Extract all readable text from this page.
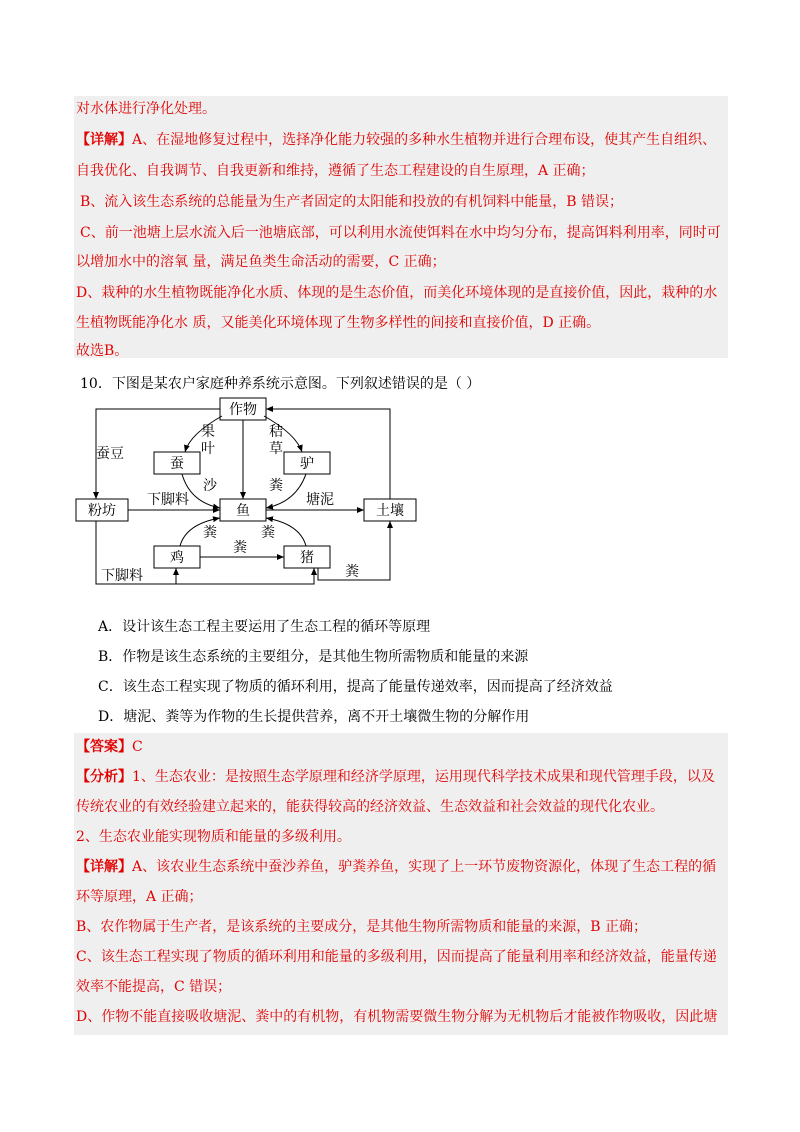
对水体进行净化处理。
【详解】A、在湿地修复过程中，选择净化能力较强的多种水生植物并进行合理布设，使其产生自组织、
自我优化、自我调节、自我更新和维持，遵循了生态工程建设的自生原理，A 正确；
B、流入该生态系统的总能量为生产者固定的太阳能和投放的有机饲料中能量，B 错误；
C、前一池塘上层水流入后一池塘底部，可以利用水流使饵料在水中均匀分布，提高饵料利用率，同时可
以增加水中的溶氧 量，满足鱼类生命活动的需要，C 正确；
D、栽种的水生植物既能净化水质、体现的是生态价值，而美化环境体现的是直接价值，因此，栽种的水
生植物既能净化水 质，又能美化环境体现了生物多样性的间接和直接价值，D 正确。
故选B。
10．下图是某农户家庭种养系统示意图。下列叙述错误的是（ ）
作物
蚕	驴
粉坊	鱼	土壤
鸡	猪
蚕豆
果
叶
沙
秸
草
粪
下脚料	塘泥
粪	粪
粪
下脚料	粪
A．设计该生态工程主要运用了生态工程的循环等原理
B．作物是该生态系统的主要组分，是其他生物所需物质和能量的来源
C．该生态工程实现了物质的循环利用，提高了能量传递效率，因而提高了经济效益
D．塘泥、粪等为作物的生长提供营养，离不开土壤微生物的分解作用
【答案】C
【分析】1、生态农业：是按照生态学原理和经济学原理，运用现代科学技术成果和现代管理手段，以及
传统农业的有效经验建立起来的，能获得较高的经济效益、生态效益和社会效益的现代化农业。
2、生态农业能实现物质和能量的多级利用。
【详解】A、该农业生态系统中蚕沙养鱼，驴粪养鱼，实现了上一环节废物资源化，体现了生态工程的循
环等原理，A 正确；
B、农作物属于生产者，是该系统的主要成分，是其他生物所需物质和能量的来源，B 正确；
C、该生态工程实现了物质的循环利用和能量的多级利用，因而提高了能量利用率和经济效益，能量传递
效率不能提高，C 错误；
D、作物不能直接吸收塘泥、粪中的有机物，有机物需要微生物分解为无机物后才能被作物吸收，因此塘
